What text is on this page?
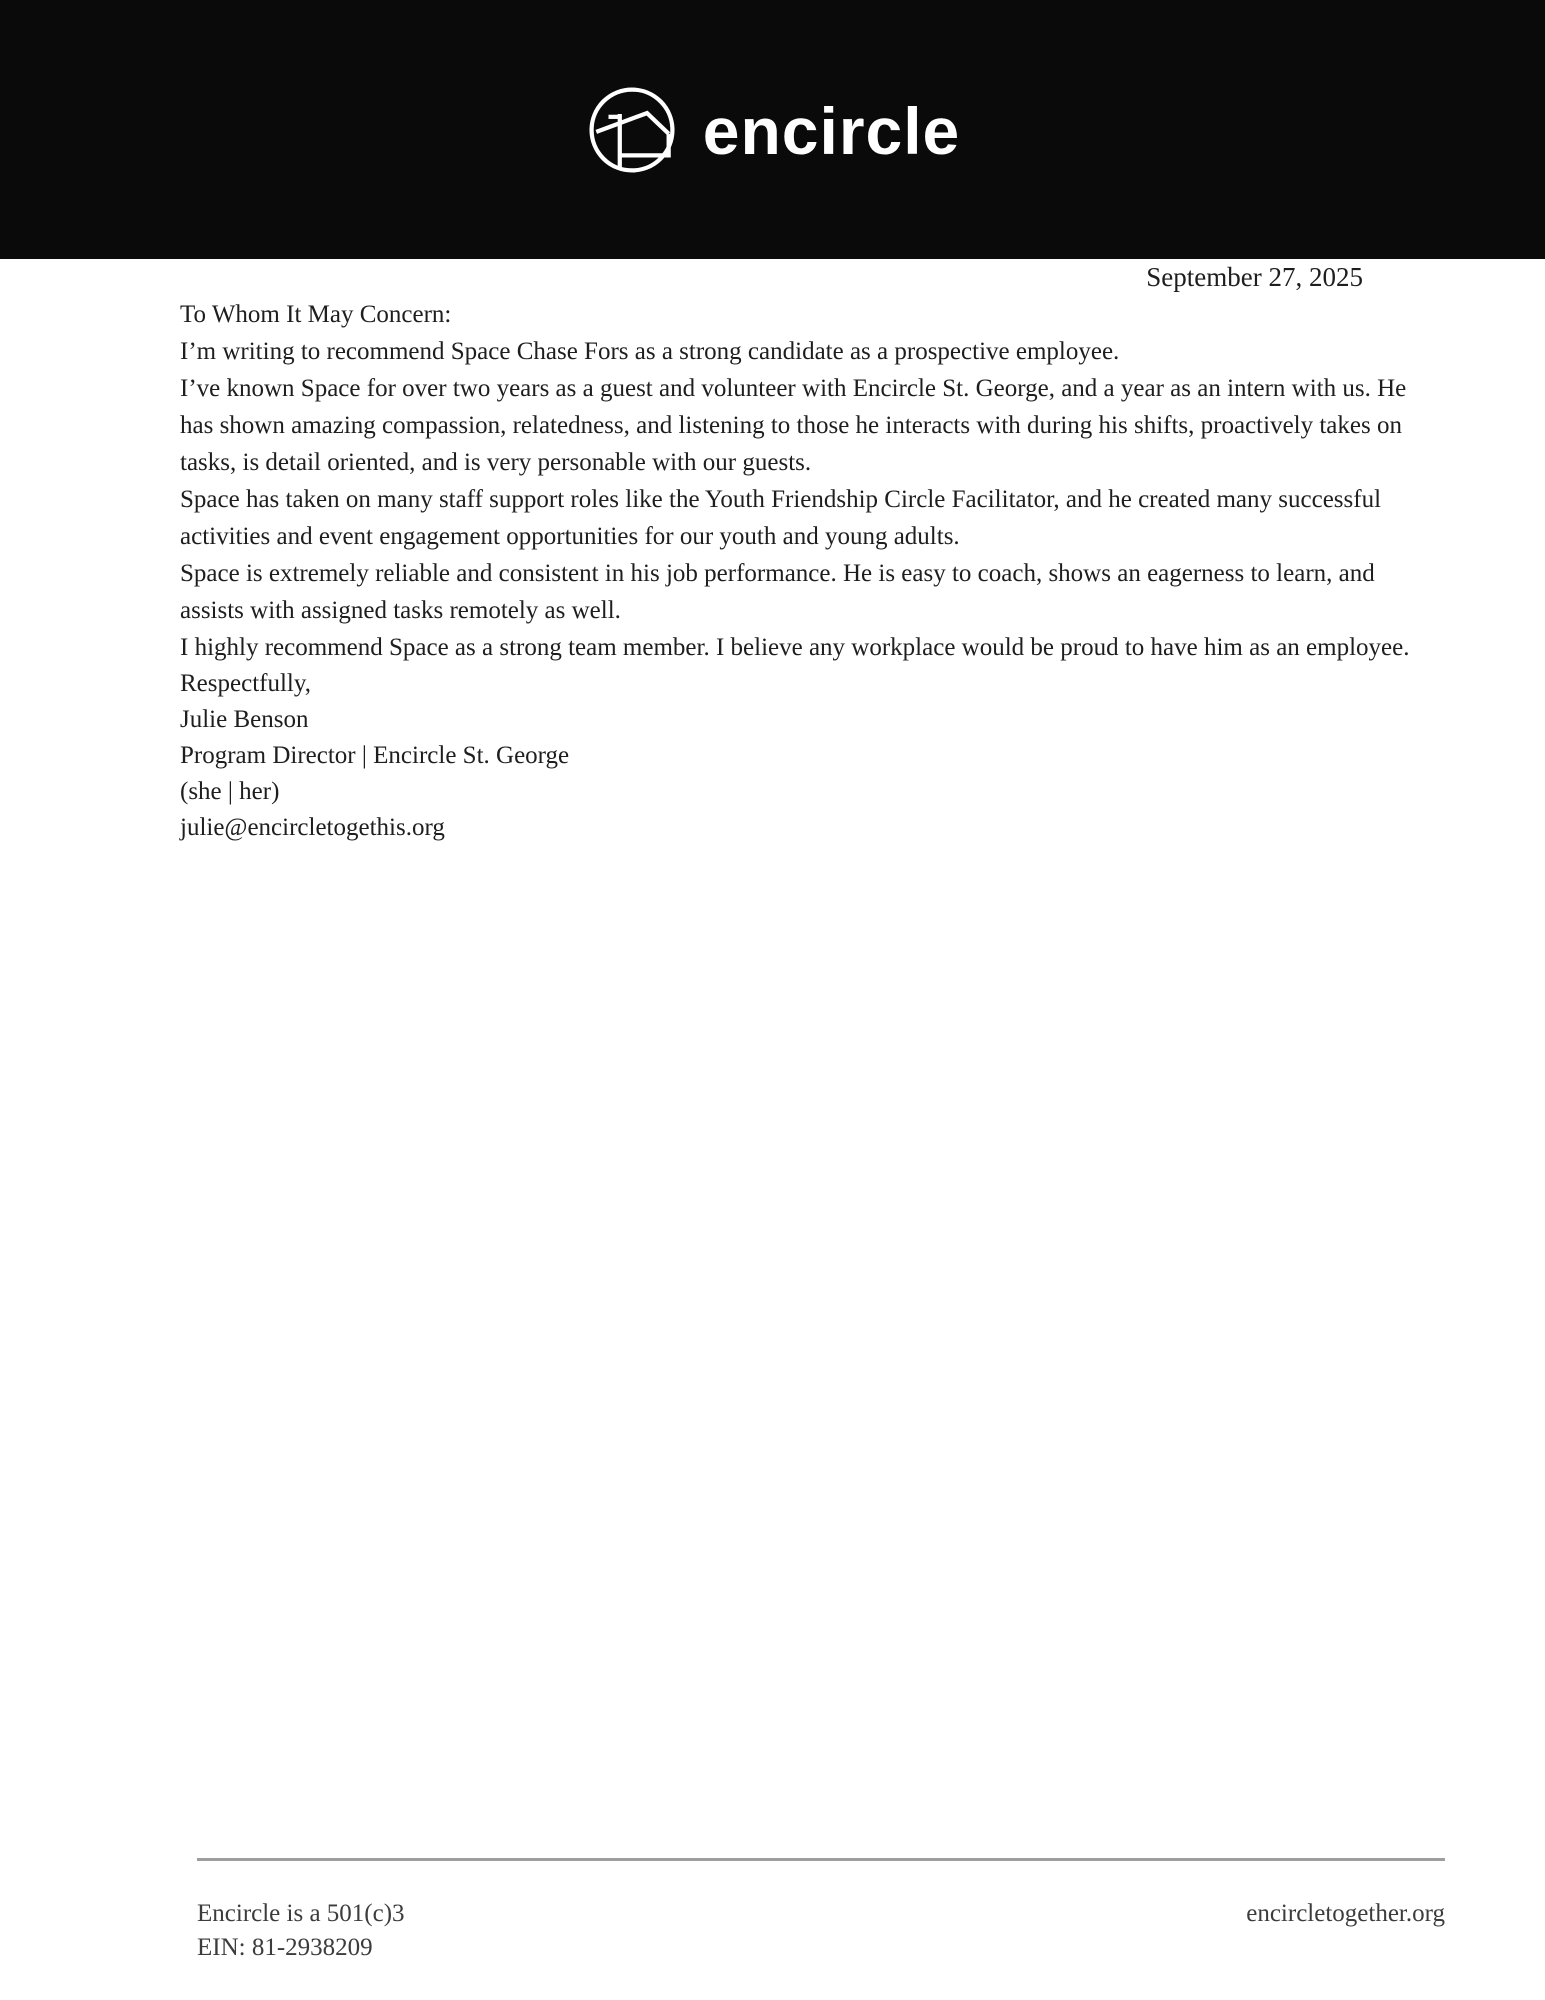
encircle
September 27, 2025

To Whom It May Concern:

I’m writing to recommend Space Chase Fors as a strong candidate as a prospective employee.

I’ve known Space for over two years as a guest and volunteer with Encircle St. George, and a year as an intern with us. He has shown amazing compassion, relatedness, and listening to those he interacts with during his shifts, proactively takes on tasks, is detail oriented, and is very personable with our guests.

Space has taken on many staff support roles like the Youth Friendship Circle Facilitator, and he created many successful activities and event engagement opportunities for our youth and young adults.

Space is extremely reliable and consistent in his job performance. He is easy to coach, shows an eagerness to learn, and assists with assigned tasks remotely as well.

I highly recommend Space as a strong team member. I believe any workplace would be proud to have him as an employee.

Respectfully,
Julie Benson
Program Director | Encircle St. George
(she | her)
julie@encircletogethis.org
Encircle is a 501(c)3
EIN: 81-2938209
encircletogether.org
